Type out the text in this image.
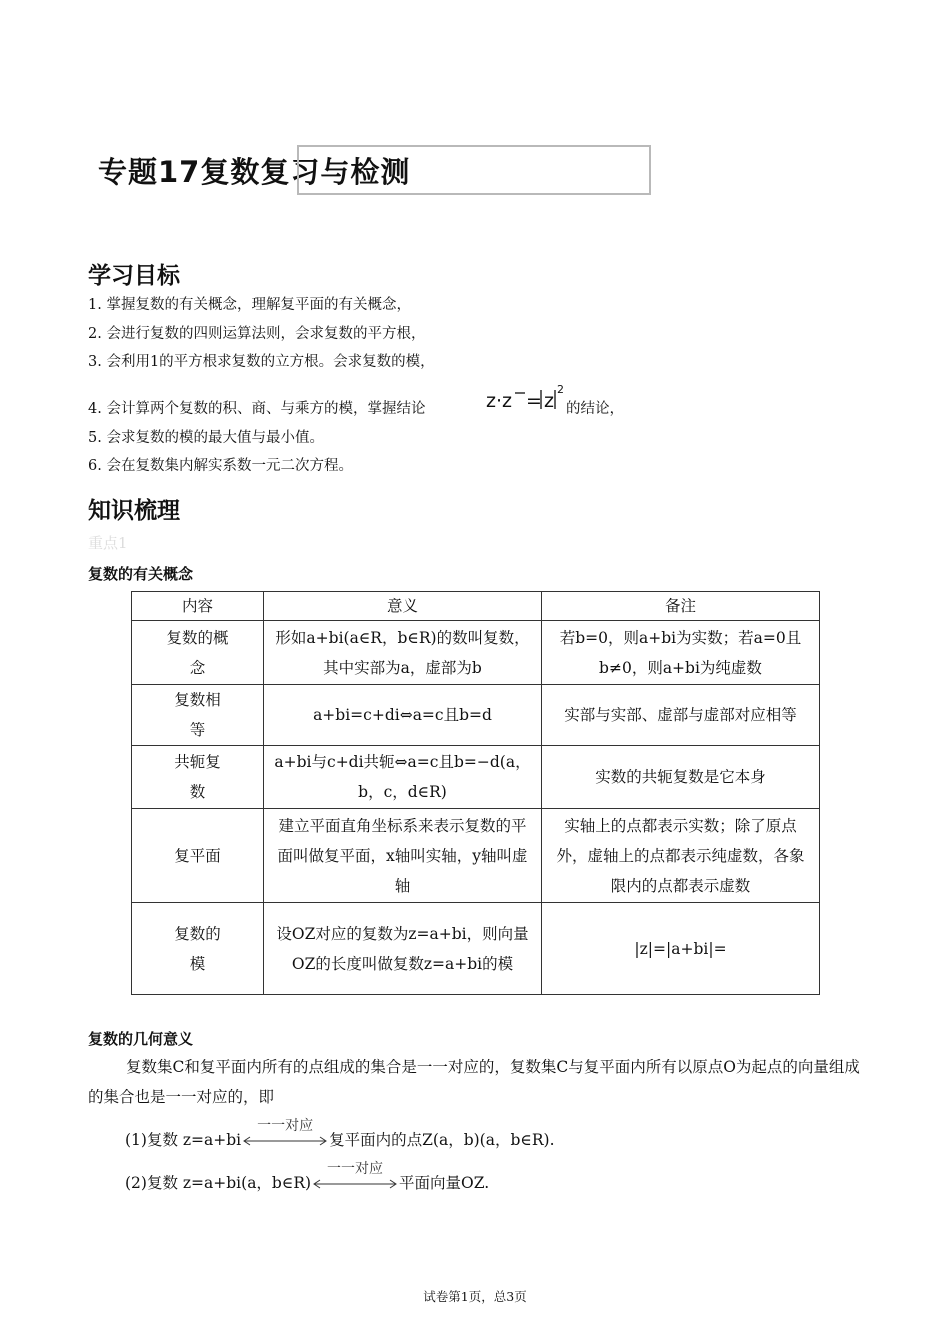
专题17复数复习与检测
学习目标
1. 掌握复数的有关概念，理解复平面的有关概念，
2. 会进行复数的四则运算法则，会求复数的平方根，
3. 会利用1的平方根求复数的立方根。会求复数的模，
4. 会计算两个复数的积、商、与乘方的模，掌握结论	z·z = z
2
的结论，
5. 会求复数的模的最大值与最小值。
6. 会在复数集内解实系数一元二次方程。
知识梳理
重点1
复数的有关概念
内容	意义	备注
复数的概念	形如a+bi(a∈R，b∈R)的数叫复数，其中实部为a，虚部为b	若b=0，则a+bi为实数；若a=0且b≠0，则a+bi为纯虚数
复数相等	a+bi=c+di⇔a=c且b=d	实部与实部、虚部与虚部对应相等
共轭复数	a+bi与c+di共轭⇔a=c且b=−d(a，b，c，d∈R)	实数的共轭复数是它本身
复平面	建立平面直角坐标系来表示复数的平面叫做复平面，x轴叫实轴，y轴叫虚轴	实轴上的点都表示实数；除了原点外，虚轴上的点都表示纯虚数，各象限内的点都表示虚数
复数的模	设OZ对应的复数为z=a+bi，则向量OZ的长度叫做复数z=a+bi的模	|z|=|a+bi|=
复数的几何意义
复数集C和复平面内所有的点组成的集合是一一对应的，复数集C与复平面内所有以原点O为起点的向量组成的集合也是一一对应的，即
(1)复数 z=a+bi
一一对应
复平面内的点Z(a，b)(a，b∈R).
(2)复数 z=a+bi(a，b∈R)
一一对应
平面向量OZ.
试卷第1页，总3页
